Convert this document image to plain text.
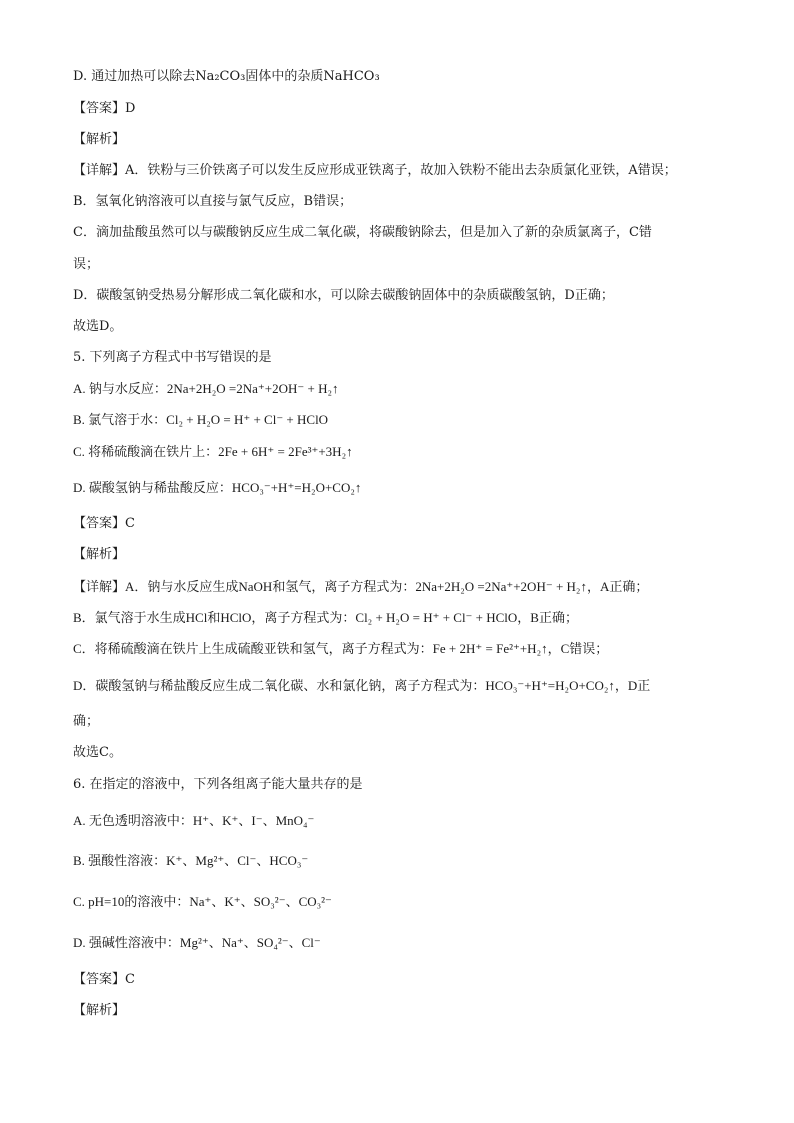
D. 通过加热可以除去Na₂CO₃固体中的杂质NaHCO₃
【答案】D
【解析】
【详解】A．铁粉与三价铁离子可以发生反应形成亚铁离子，故加入铁粉不能出去杂质氯化亚铁，A错误；
B．氢氧化钠溶液可以直接与氯气反应，B错误；
C．滴加盐酸虽然可以与碳酸钠反应生成二氧化碳，将碳酸钠除去，但是加入了新的杂质氯离子，C错
误；
D．碳酸氢钠受热易分解形成二氧化碳和水，可以除去碳酸钠固体中的杂质碳酸氢钠，D正确；
故选D。
5. 下列离子方程式中书写错误的是
A. 钠与水反应：2Na+2H₂O =2Na⁺+2OH⁻ + H₂↑
B. 氯气溶于水：Cl₂ + H₂O = H⁺ + Cl⁻ + HClO
C. 将稀硫酸滴在铁片上：2Fe + 6H⁺ = 2Fe³⁺+3H₂↑
D. 碳酸氢钠与稀盐酸反应：HCO₃⁻+H⁺=H₂O+CO₂↑
【答案】C
【解析】
【详解】A．钠与水反应生成NaOH和氢气，离子方程式为：2Na+2H₂O =2Na⁺+2OH⁻ + H₂↑，A正确；
B．氯气溶于水生成HCl和HClO，离子方程式为：Cl₂ + H₂O = H⁺ + Cl⁻ + HClO，B正确；
C．将稀硫酸滴在铁片上生成硫酸亚铁和氢气，离子方程式为：Fe + 2H⁺ = Fe²⁺+H₂↑，C错误；
D．碳酸氢钠与稀盐酸反应生成二氧化碳、水和氯化钠，离子方程式为：HCO₃⁻+H⁺=H₂O+CO₂↑，D正
确；
故选C。
6. 在指定的溶液中，下列各组离子能大量共存的是
A. 无色透明溶液中：H⁺、K⁺、I⁻、MnO₄⁻
B. 强酸性溶液：K⁺、Mg²⁺、Cl⁻、HCO₃⁻
C. pH=10的溶液中：Na⁺、K⁺、SO₃²⁻、CO₃²⁻
D. 强碱性溶液中：Mg²⁺、Na⁺、SO₄²⁻、Cl⁻
【答案】C
【解析】
